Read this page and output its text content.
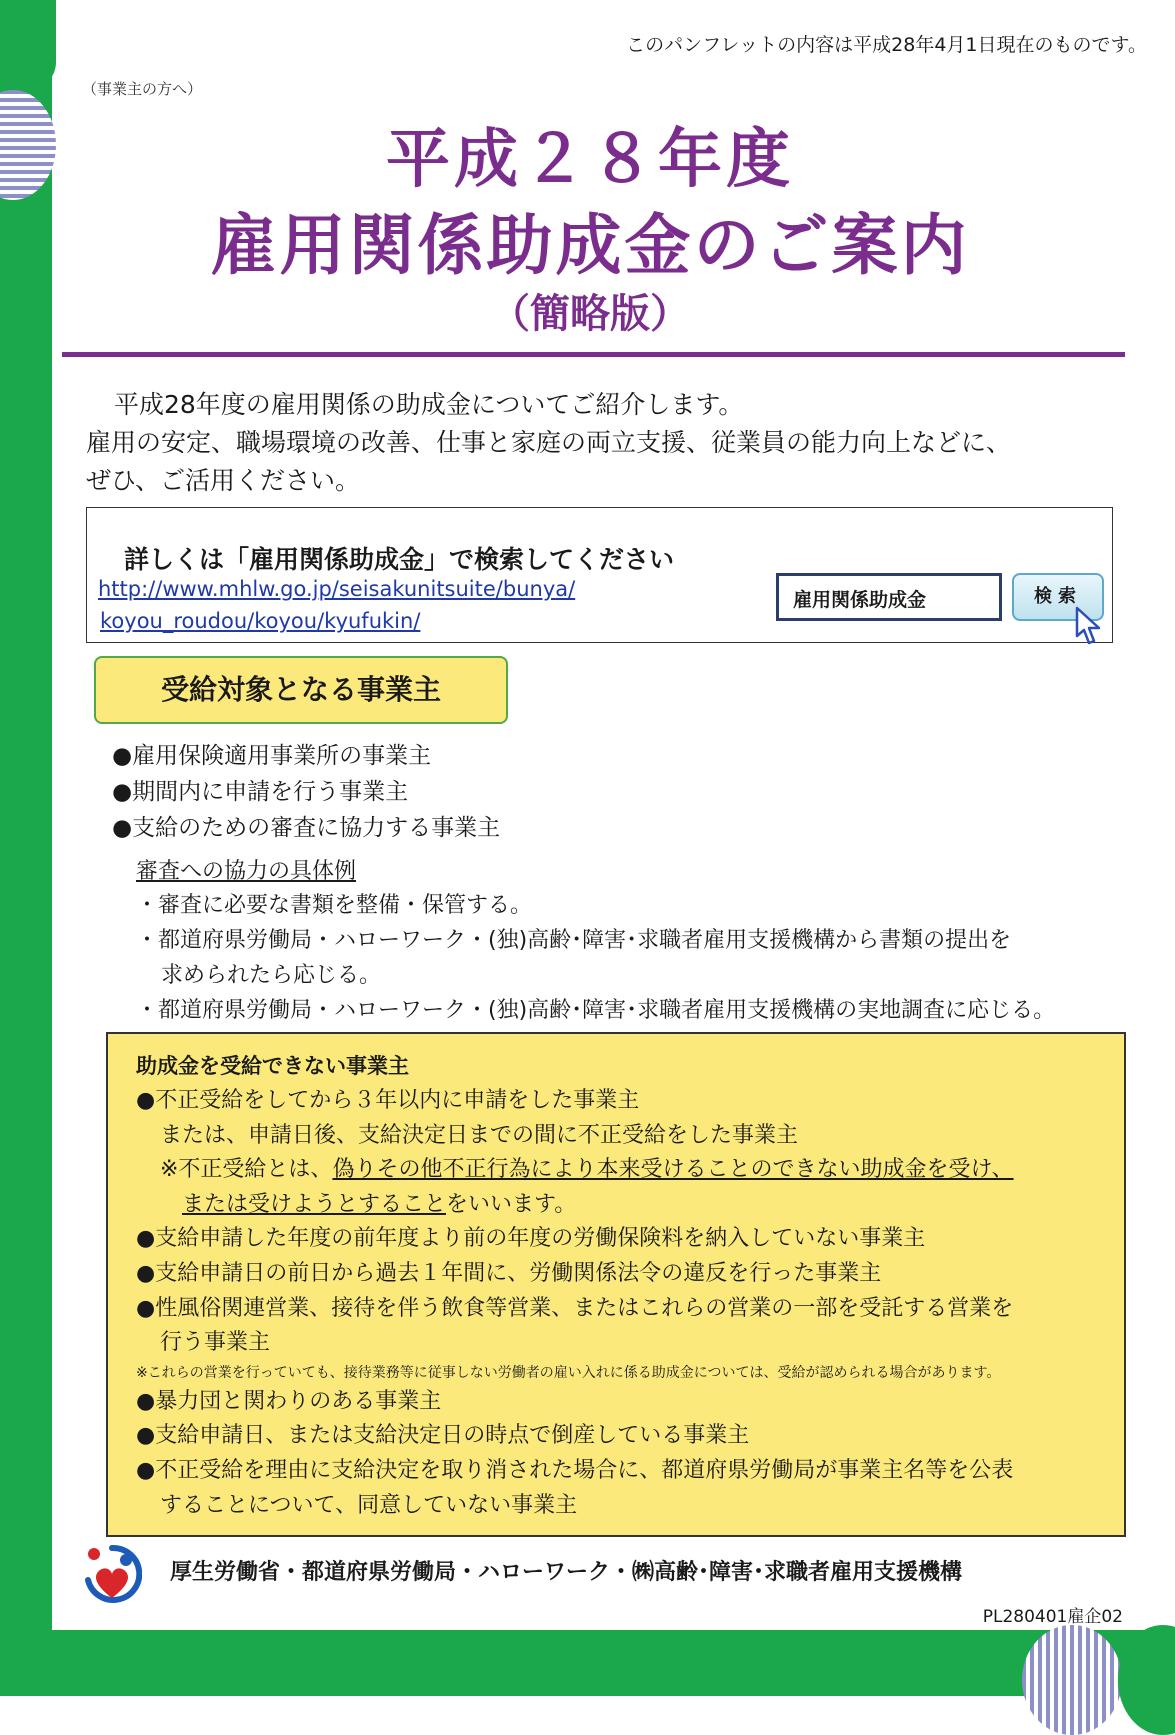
このパンフレットの内容は平成28年4月1日現在のものです。
（事業主の方へ）
平成２８年度
雇用関係助成金のご案内
（簡略版）
平成28年度の雇用関係の助成金についてご紹介します。
雇用の安定、職場環境の改善、仕事と家庭の両立支援、従業員の能力向上などに、
ぜひ、ご活用ください。
詳しくは「雇用関係助成金」で検索してください
http://www.mhlw.go.jp/seisakunitsuite/bunya/
koyou_roudou/koyou/kyufukin/
雇用関係助成金	検索
受給対象となる事業主
●雇用保険適用事業所の事業主
●期間内に申請を行う事業主
●支給のための審査に協力する事業主
審査への協力の具体例
・審査に必要な書類を整備・保管する。
・都道府県労働局・ハローワーク・(独)高齢･障害･求職者雇用支援機構から書類の提出を
求められたら応じる。
・都道府県労働局・ハローワーク・(独)高齢･障害･求職者雇用支援機構の実地調査に応じる。
助成金を受給できない事業主
●不正受給をしてから３年以内に申請をした事業主
または、申請日後、支給決定日までの間に不正受給をした事業主
※不正受給とは、偽りその他不正行為により本来受けることのできない助成金を受け、
または受けようとすることをいいます。
●支給申請した年度の前年度より前の年度の労働保険料を納入していない事業主
●支給申請日の前日から過去１年間に、労働関係法令の違反を行った事業主
●性風俗関連営業、接待を伴う飲食等営業、またはこれらの営業の一部を受託する営業を
行う事業主
※これらの営業を行っていても、接待業務等に従事しない労働者の雇い入れに係る助成金については、受給が認められる場合があります。
●暴力団と関わりのある事業主
●支給申請日、または支給決定日の時点で倒産している事業主
●不正受給を理由に支給決定を取り消された場合に、都道府県労働局が事業主名等を公表
することについて、同意していない事業主
厚生労働省・都道府県労働局・ハローワーク・㈱高齢･障害･求職者雇用支援機構
PL280401雇企02
